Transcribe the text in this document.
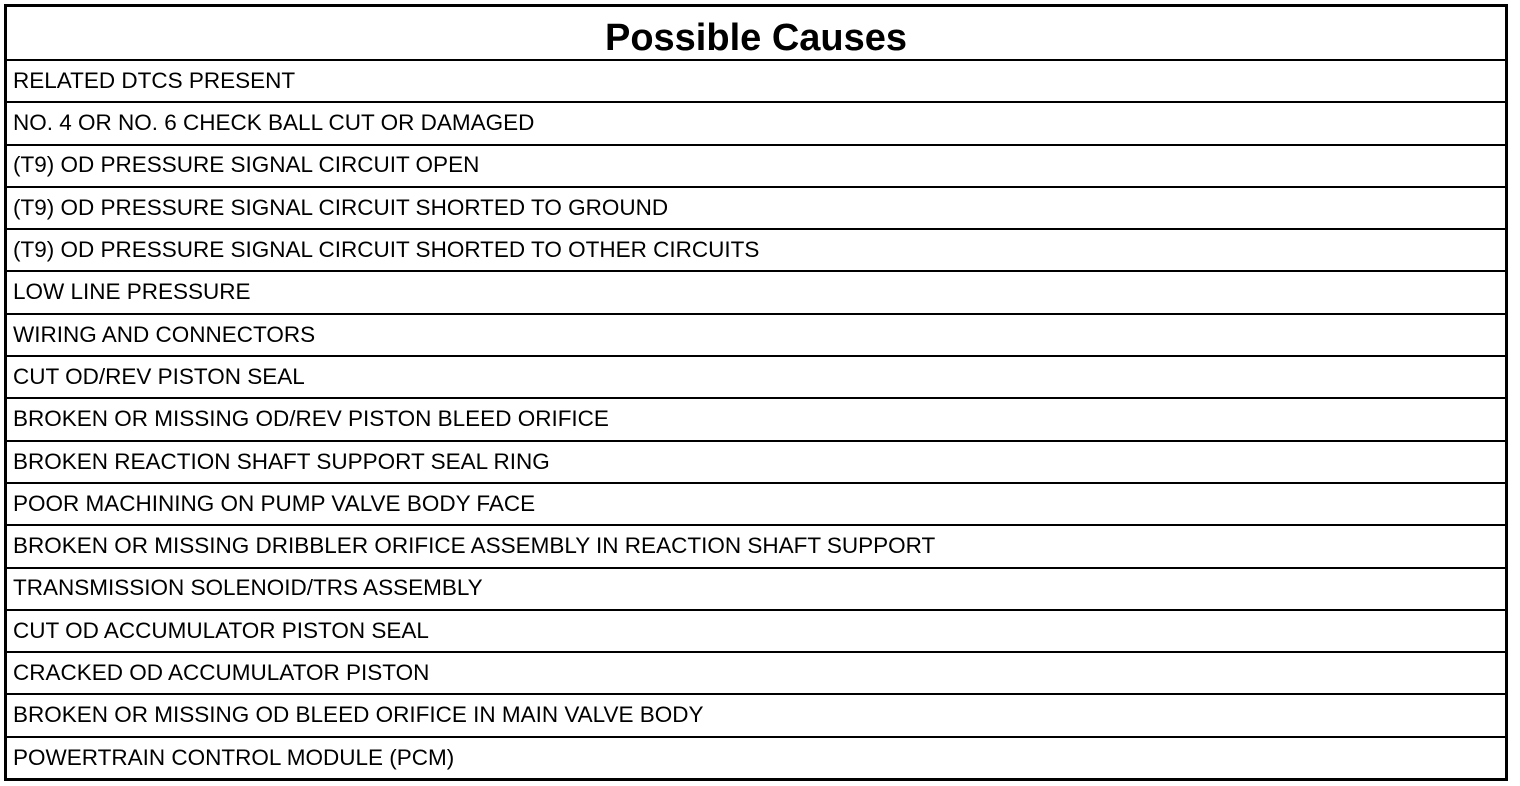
Possible Causes
RELATED DTCS PRESENT
NO. 4 OR NO. 6 CHECK BALL CUT OR DAMAGED
(T9) OD PRESSURE SIGNAL CIRCUIT OPEN
(T9) OD PRESSURE SIGNAL CIRCUIT SHORTED TO GROUND
(T9) OD PRESSURE SIGNAL CIRCUIT SHORTED TO OTHER CIRCUITS
LOW LINE PRESSURE
WIRING AND CONNECTORS
CUT OD/REV PISTON SEAL
BROKEN OR MISSING OD/REV PISTON BLEED ORIFICE
BROKEN REACTION SHAFT SUPPORT SEAL RING
POOR MACHINING ON PUMP VALVE BODY FACE
BROKEN OR MISSING DRIBBLER ORIFICE ASSEMBLY IN REACTION SHAFT SUPPORT
TRANSMISSION SOLENOID/TRS ASSEMBLY
CUT OD ACCUMULATOR PISTON SEAL
CRACKED OD ACCUMULATOR PISTON
BROKEN OR MISSING OD BLEED ORIFICE IN MAIN VALVE BODY
POWERTRAIN CONTROL MODULE (PCM)
